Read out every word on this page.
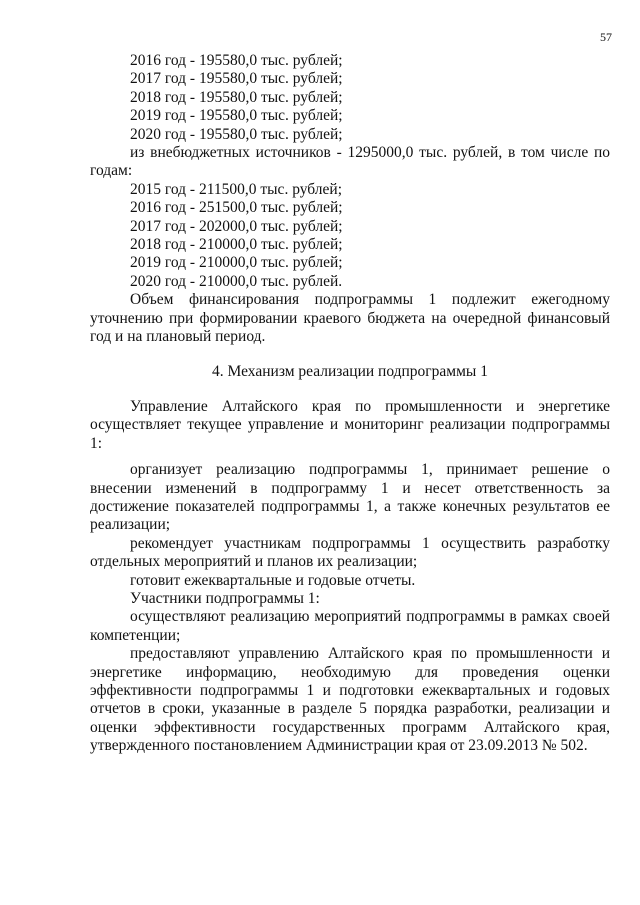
57
2016 год - 195580,0 тыс. рублей;
2017 год - 195580,0 тыс. рублей;
2018 год - 195580,0 тыс. рублей;
2019 год - 195580,0 тыс. рублей;
2020 год - 195580,0 тыс. рублей;
из внебюджетных источников - 1295000,0 тыс. рублей, в том числе по годам:
2015 год - 211500,0 тыс. рублей;
2016 год - 251500,0 тыс. рублей;
2017 год - 202000,0 тыс. рублей;
2018 год - 210000,0 тыс. рублей;
2019 год - 210000,0 тыс. рублей;
2020 год - 210000,0 тыс. рублей.
Объем финансирования подпрограммы 1 подлежит ежегодному уточнению при формировании краевого бюджета на очередной финансовый год и на плановый период.
4. Механизм реализации подпрограммы 1
Управление Алтайского края по промышленности и энергетике осуществляет текущее управление и мониторинг реализации подпрограммы 1:
организует реализацию подпрограммы 1, принимает решение о внесении изменений в подпрограмму 1 и несет ответственность за достижение показателей подпрограммы 1, а также конечных результатов ее реализации;
рекомендует участникам подпрограммы 1 осуществить разработку отдельных мероприятий и планов их реализации;
готовит ежеквартальные и годовые отчеты.
Участники подпрограммы 1:
осуществляют реализацию мероприятий подпрограммы в рамках своей компетенции;
предоставляют управлению Алтайского края по промышленности и энергетике информацию, необходимую для проведения оценки эффективности подпрограммы 1 и подготовки ежеквартальных и годовых отчетов в сроки, указанные в разделе 5 порядка разработки, реализации и оценки эффективности государственных программ Алтайского края, утвержденного постановлением Администрации края от 23.09.2013 № 502.
